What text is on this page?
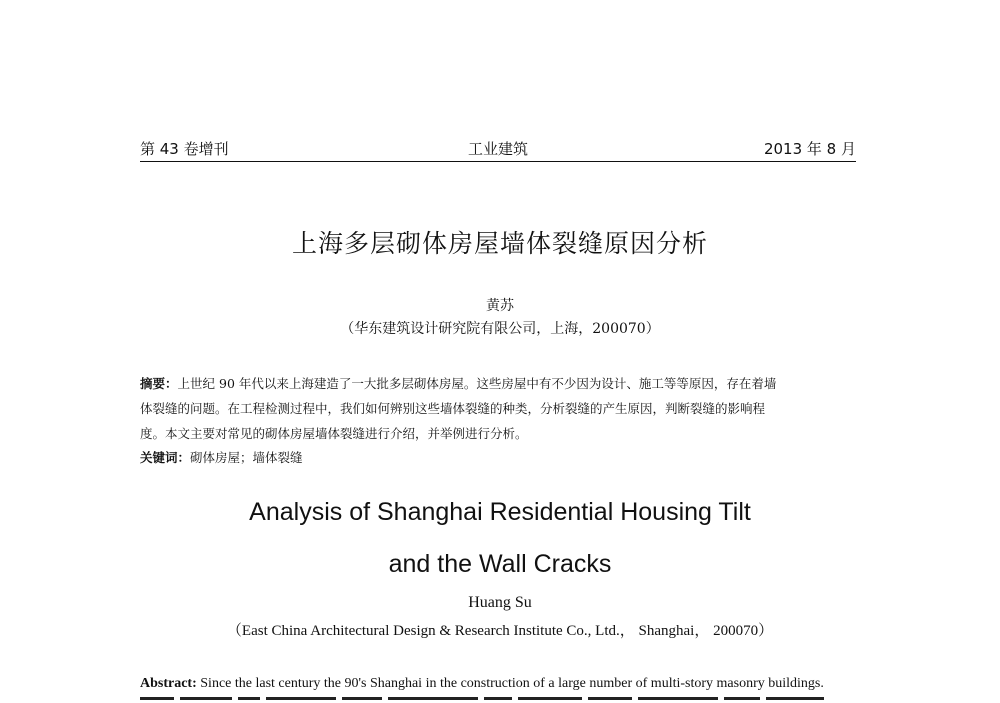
第 43 卷增刊	工业建筑	2013 年 8 月
上海多层砌体房屋墙体裂缝原因分析
黄苏
（华东建筑设计研究院有限公司，上海，200070）
摘要：上世纪 90 年代以来上海建造了一大批多层砌体房屋。这些房屋中有不少因为设计、施工等等原因，存在着墙
体裂缝的问题。在工程检测过程中，我们如何辨别这些墙体裂缝的种类，分析裂缝的产生原因，判断裂缝的影响程
度。本文主要对常见的砌体房屋墙体裂缝进行介绍，并举例进行分析。
关键词：砌体房屋；墙体裂缝
Analysis of Shanghai Residential Housing Tilt
and the Wall Cracks
Huang Su
（East China Architectural Design & Research Institute Co., Ltd.， Shanghai， 200070）
Abstract: Since the last century the 90's Shanghai in the construction of a large number of multi-story masonry buildings.
